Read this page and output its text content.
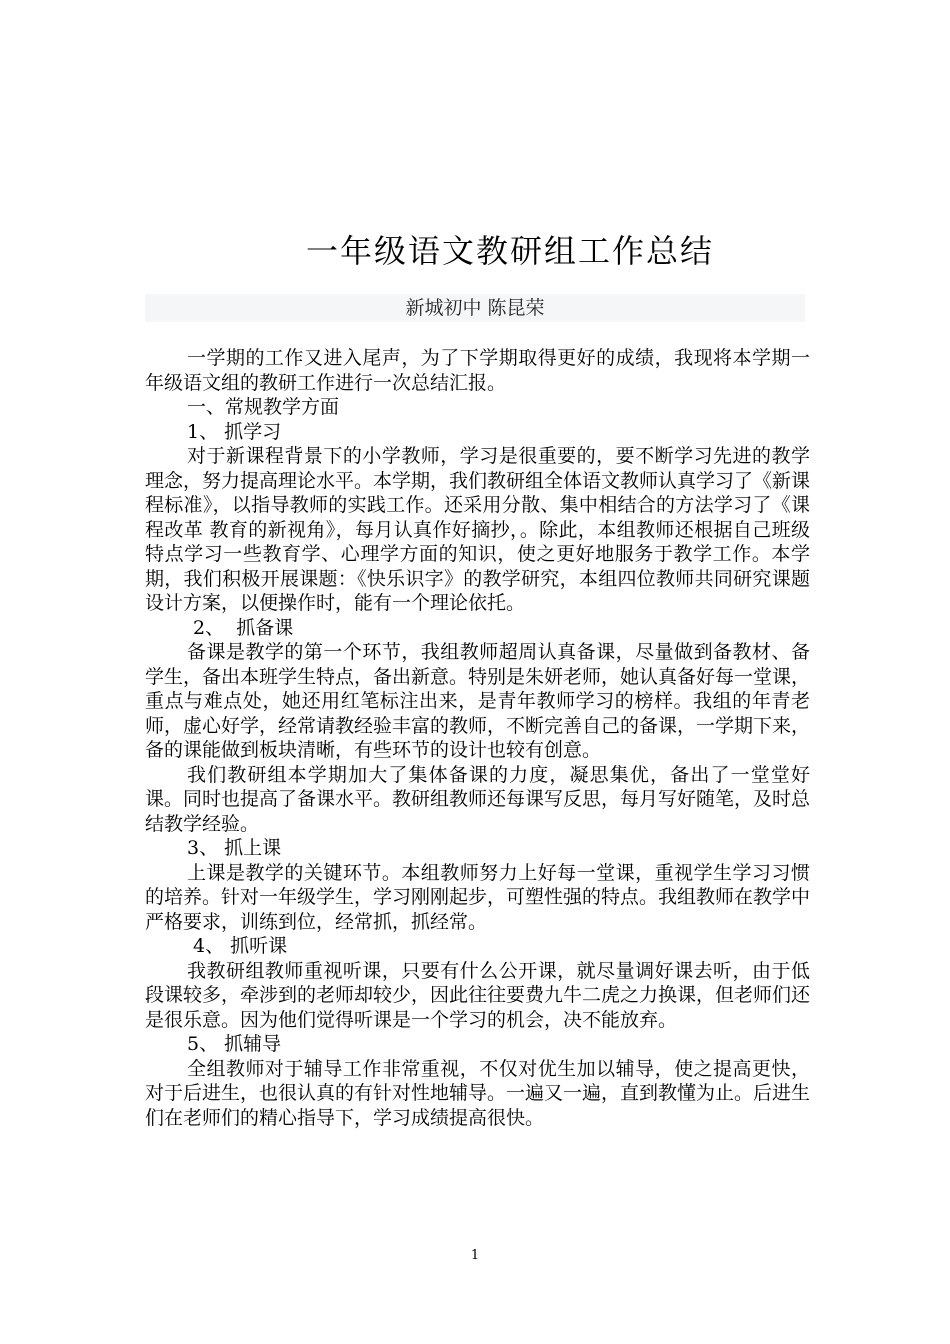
一年级语文教研组工作总结
新城初中 陈昆荣

一学期的工作又进入尾声，为了下学期取得更好的成绩，我现将本学期一年级语文组的教研工作进行一次总结汇报。

一、常规教学方面

1、 抓学习

对于新课程背景下的小学教师，学习是很重要的，要不断学习先进的教学理念，努力提高理论水平。本学期，我们教研组全体语文教师认真学习了《新课程标准》，以指导教师的实践工作。还采用分散、集中相结合的方法学习了《课程改革 教育的新视角》，每月认真作好摘抄，。除此，本组教师还根据自己班级特点学习一些教育学、心理学方面的知识，使之更好地服务于教学工作。本学期，我们积极开展课题：《快乐识字》的教学研究，本组四位教师共同研究课题设计方案，以便操作时，能有一个理论依托。

2、  抓备课

备课是教学的第一个环节，我组教师超周认真备课，尽量做到备教材、备学生，备出本班学生特点，备出新意。特别是朱妍老师，她认真备好每一堂课，重点与难点处，她还用红笔标注出来，是青年教师学习的榜样。我组的年青老师，虚心好学，经常请教经验丰富的教师，不断完善自己的备课，一学期下来，备的课能做到板块清晰，有些环节的设计也较有创意。

我们教研组本学期加大了集体备课的力度，凝思集优，备出了一堂堂好课。同时也提高了备课水平。教研组教师还每课写反思，每月写好随笔，及时总结教学经验。

3、 抓上课

上课是教学的关键环节。本组教师努力上好每一堂课，重视学生学习习惯的培养。针对一年级学生，学习刚刚起步，可塑性强的特点。我组教师在教学中严格要求，训练到位，经常抓，抓经常。

4、 抓听课

我教研组教师重视听课，只要有什么公开课，就尽量调好课去听，由于低段课较多，牵涉到的老师却较少，因此往往要费九牛二虎之力换课，但老师们还是很乐意。因为他们觉得听课是一个学习的机会，决不能放弃。

5、 抓辅导

全组教师对于辅导工作非常重视，不仅对优生加以辅导，使之提高更快，对于后进生，也很认真的有针对性地辅导。一遍又一遍，直到教懂为止。后进生们在老师们的精心指导下，学习成绩提高很快。

1
